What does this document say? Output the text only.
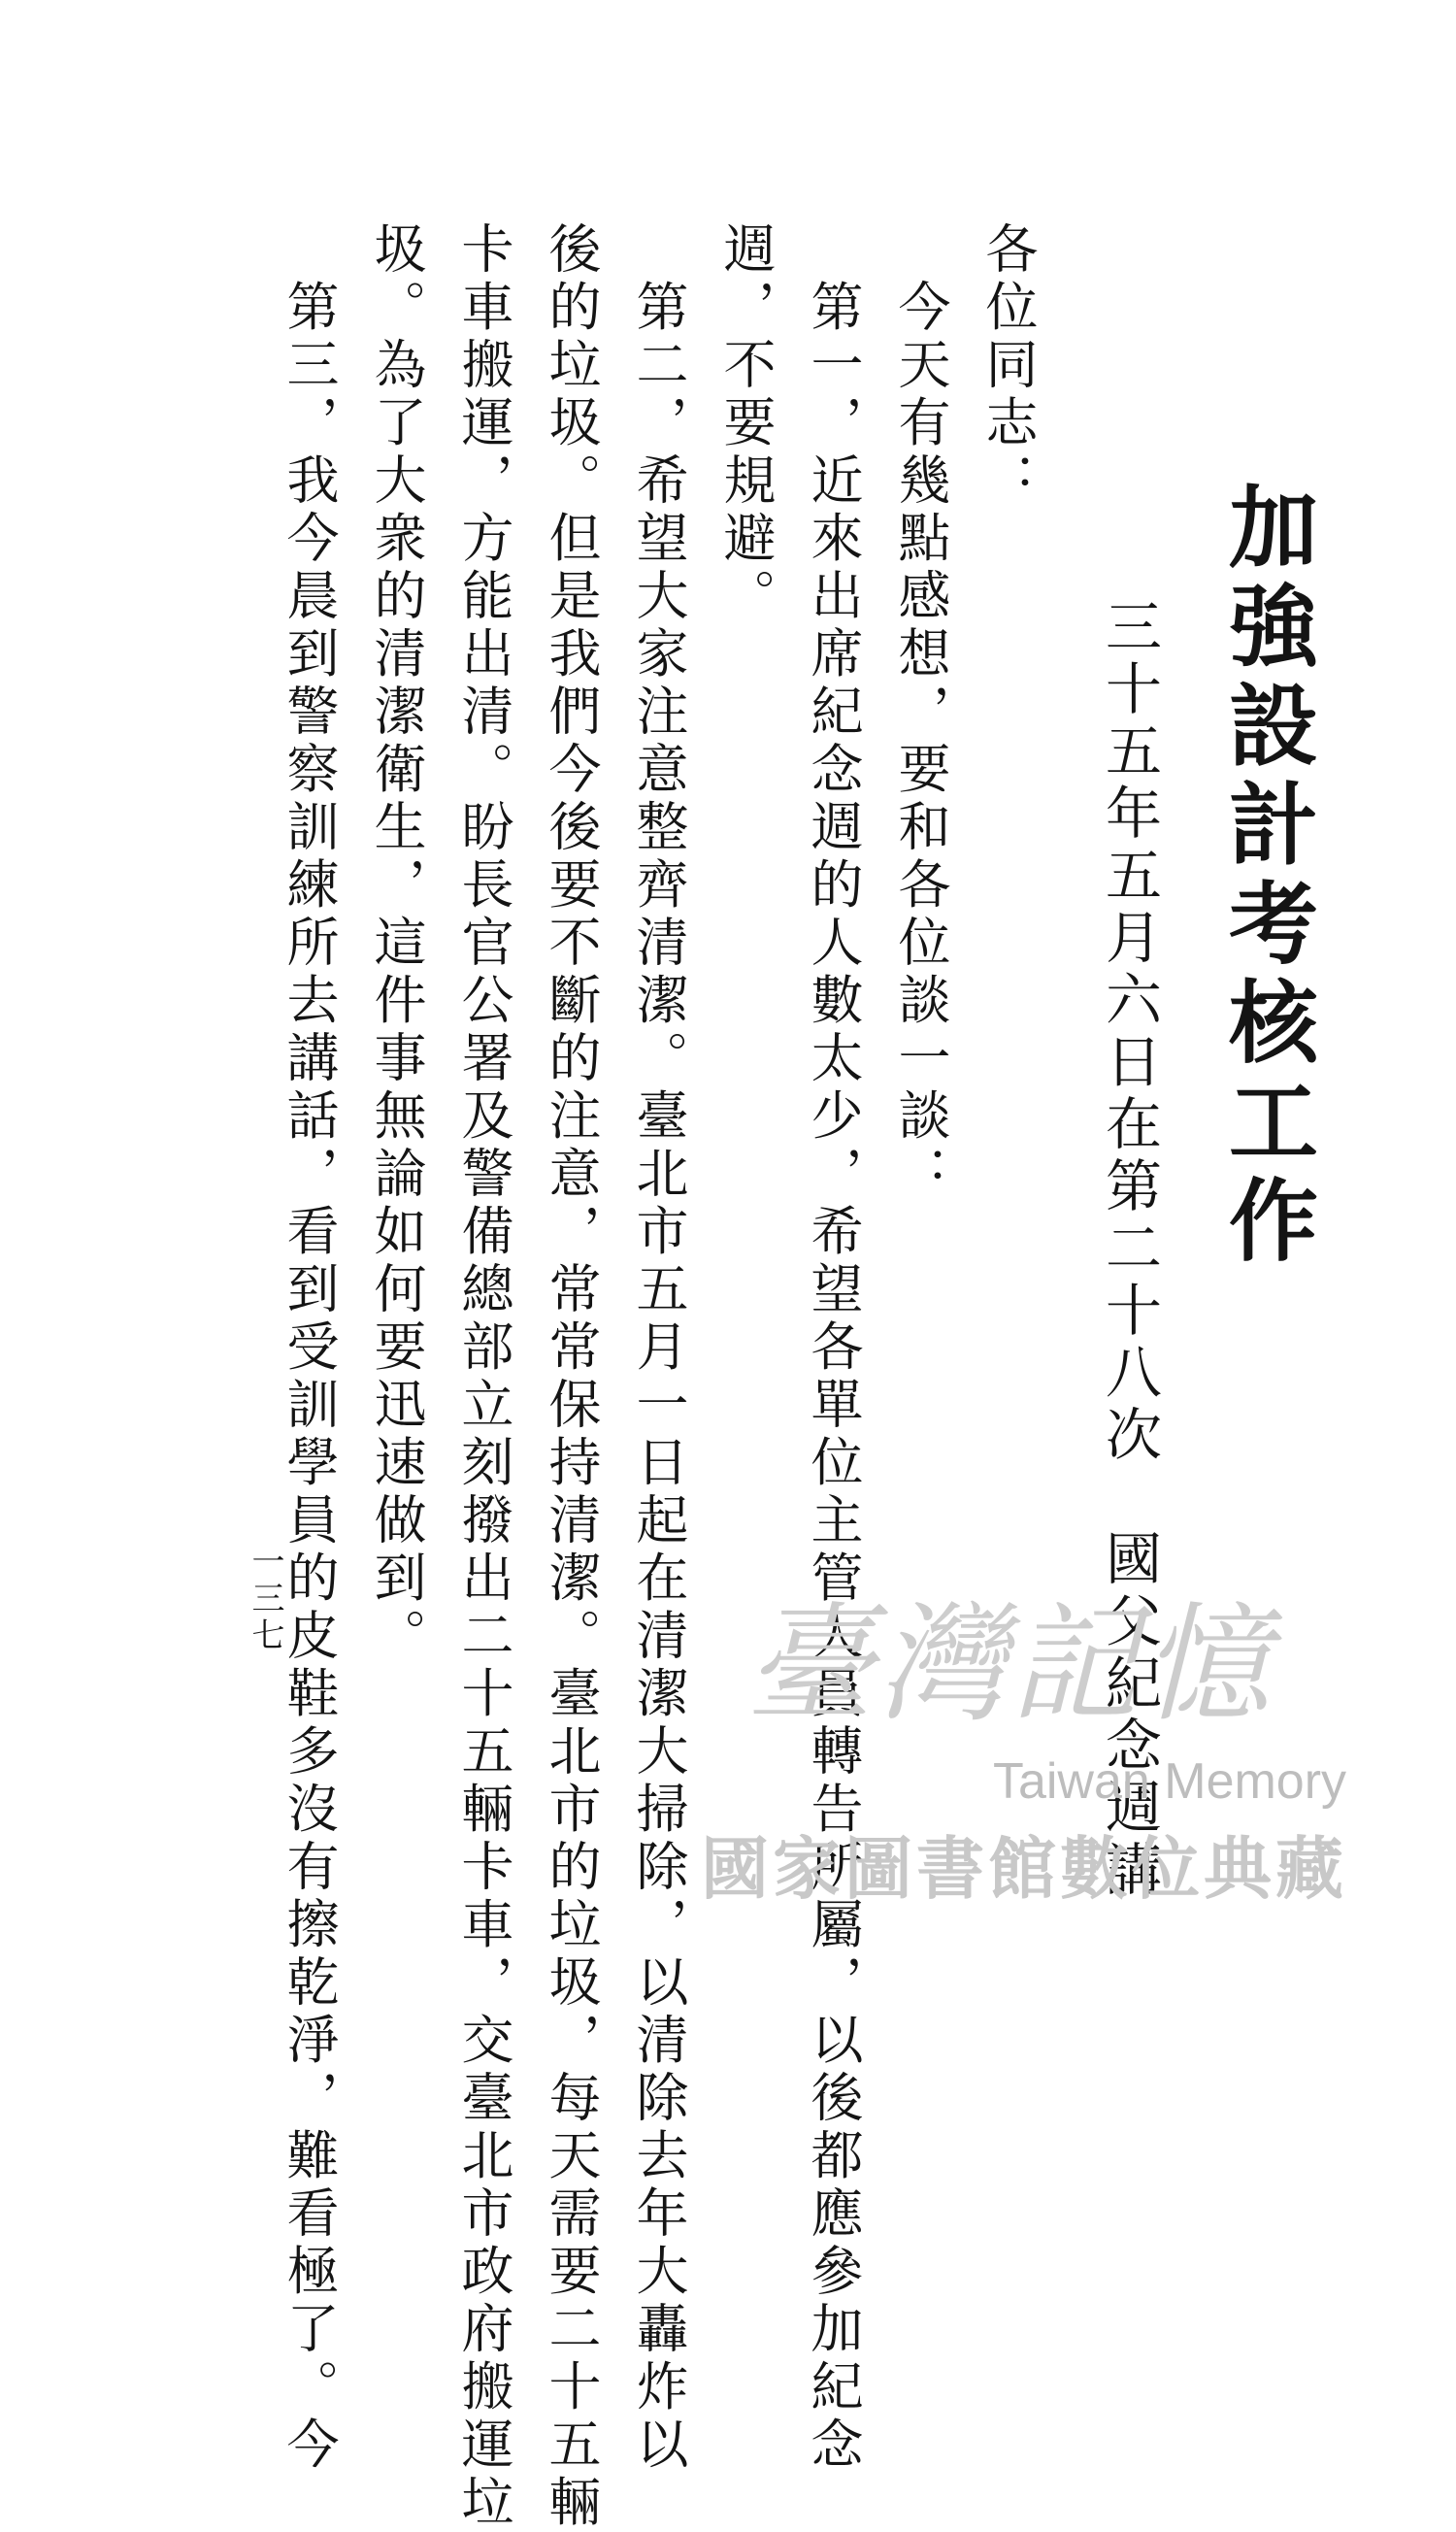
加強設計考核工作
三十五年五月六日在第二十八次　國父紀念週講
各位同志：
　今天有幾點感想，要和各位談一談：
　第一，近來出席紀念週的人數太少，希望各單位主管人員轉告所屬，以後都應參加紀念
週，不要規避。
　第二，希望大家注意整齊清潔。臺北市五月一日起在清潔大掃除，以清除去年大轟炸以
後的垃圾。但是我們今後要不斷的注意，常常保持清潔。臺北市的垃圾，每天需要二十五輛
卡車搬運，方能出清。盼長官公署及警備總部立刻撥出二十五輛卡車，交臺北市政府搬運垃
圾。為了大衆的清潔衛生，這件事無論如何要迅速做到。
　第三，我今晨到警察訓練所去講話，看到受訓學員的皮鞋多沒有擦乾淨，難看極了。今
一三七	臺灣記憶
Taiwan Memory
國家圖書館數位典藏
